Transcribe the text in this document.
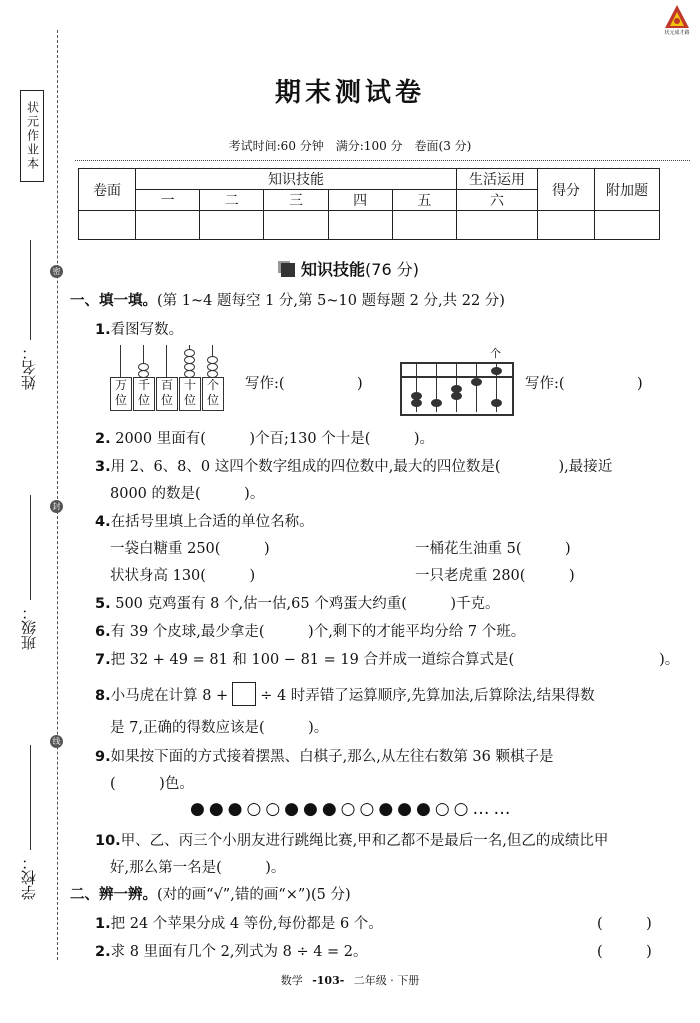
状元成才路
状元作业本
姓名：
班级：
学校：
密
封
线
期末测试卷
考试时间:60 分钟　满分:100 分　卷面(3 分)
卷面	知识技能					生活运用	得分	附加题
	一	二	三	四	五	六		

知识技能(76 分)
一、填一填。(第 1~4 题每空 1 分,第 5~10 题每题 2 分,共 22 分)
1.看图写数。
万位
千位
百位
十位
个位
写作:(　　　　　)
个
写作:(　　　　　)
2. 2000 里面有(　　　)个百;130 个十是(　　　)。
3.用 2、6、8、0 这四个数字组成的四位数中,最大的四位数是(　　　　),最接近
8000 的数是(　　　)。
4.在括号里填上合适的单位名称。
一袋白糖重 250(　　　)	一桶花生油重 5(　　　)
状状身高 130(　　　)	一只老虎重 280(　　　)
5. 500 克鸡蛋有 8 个,估一估,65 个鸡蛋大约重(　　　)千克。
6.有 39 个皮球,最少拿走(　　　)个,剩下的才能平均分给 7 个班。
7.把 32 + 49 = 81 和 100 − 81 = 19 合并成一道综合算式是(　　　　　　　　　　)。
8.小马虎在计算 8 + ÷ 4 时弄错了运算顺序,先算加法,后算除法,结果得数
是 7,正确的得数应该是(　　　)。
9.如果按下面的方式接着摆黑、白棋子,那么,从左往右数第 36 颗棋子是
(　　　)色。
●●●○○●●●○○●●●○○……
10.甲、乙、丙三个小朋友进行跳绳比赛,甲和乙都不是最后一名,但乙的成绩比甲
好,那么第一名是(　　　)。
二、辨一辨。(对的画“√”,错的画“×”)(5 分)
1.把 24 个苹果分成 4 等份,每份都是 6 个。	(　　　)
2.求 8 里面有几个 2,列式为 8 ÷ 4 = 2。	(　　　)
数学 -103- 二年级 · 下册
